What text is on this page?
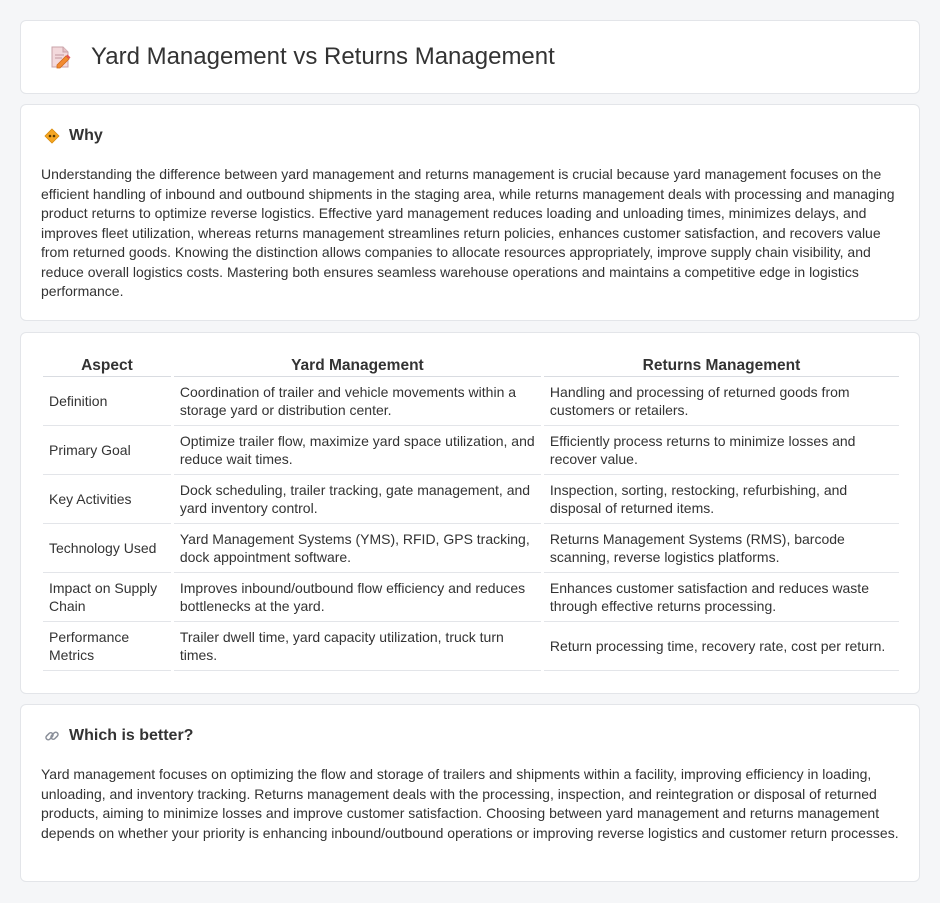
Yard Management vs Returns Management
Why

Understanding the difference between yard management and returns management is crucial because yard management focuses on the efficient handling of inbound and outbound shipments in the staging area, while returns management deals with processing and managing product returns to optimize reverse logistics. Effective yard management reduces loading and unloading times, minimizes delays, and improves fleet utilization, whereas returns management streamlines return policies, enhances customer satisfaction, and recovers value from returned goods. Knowing the distinction allows companies to allocate resources appropriately, improve supply chain visibility, and reduce overall logistics costs. Mastering both ensures seamless warehouse operations and maintains a competitive edge in logistics performance.

Aspect	Yard Management	Returns Management
Definition	Coordination of trailer and vehicle movements within a storage yard or distribution center.	Handling and processing of returned goods from customers or retailers.
Primary Goal	Optimize trailer flow, maximize yard space utilization, and reduce wait times.	Efficiently process returns to minimize losses and recover value.
Key Activities	Dock scheduling, trailer tracking, gate management, and yard inventory control.	Inspection, sorting, restocking, refurbishing, and disposal of returned items.
Technology Used	Yard Management Systems (YMS), RFID, GPS tracking, dock appointment software.	Returns Management Systems (RMS), barcode scanning, reverse logistics platforms.
Impact on Supply Chain	Improves inbound/outbound flow efficiency and reduces bottlenecks at the yard.	Enhances customer satisfaction and reduces waste through effective returns processing.
Performance Metrics	Trailer dwell time, yard capacity utilization, truck turn times.	Return processing time, recovery rate, cost per return.
Which is better?

Yard management focuses on optimizing the flow and storage of trailers and shipments within a facility, improving efficiency in loading, unloading, and inventory tracking. Returns management deals with the processing, inspection, and reintegration or disposal of returned products, aiming to minimize losses and improve customer satisfaction. Choosing between yard management and returns management depends on whether your priority is enhancing inbound/outbound operations or improving reverse logistics and customer return processes.
